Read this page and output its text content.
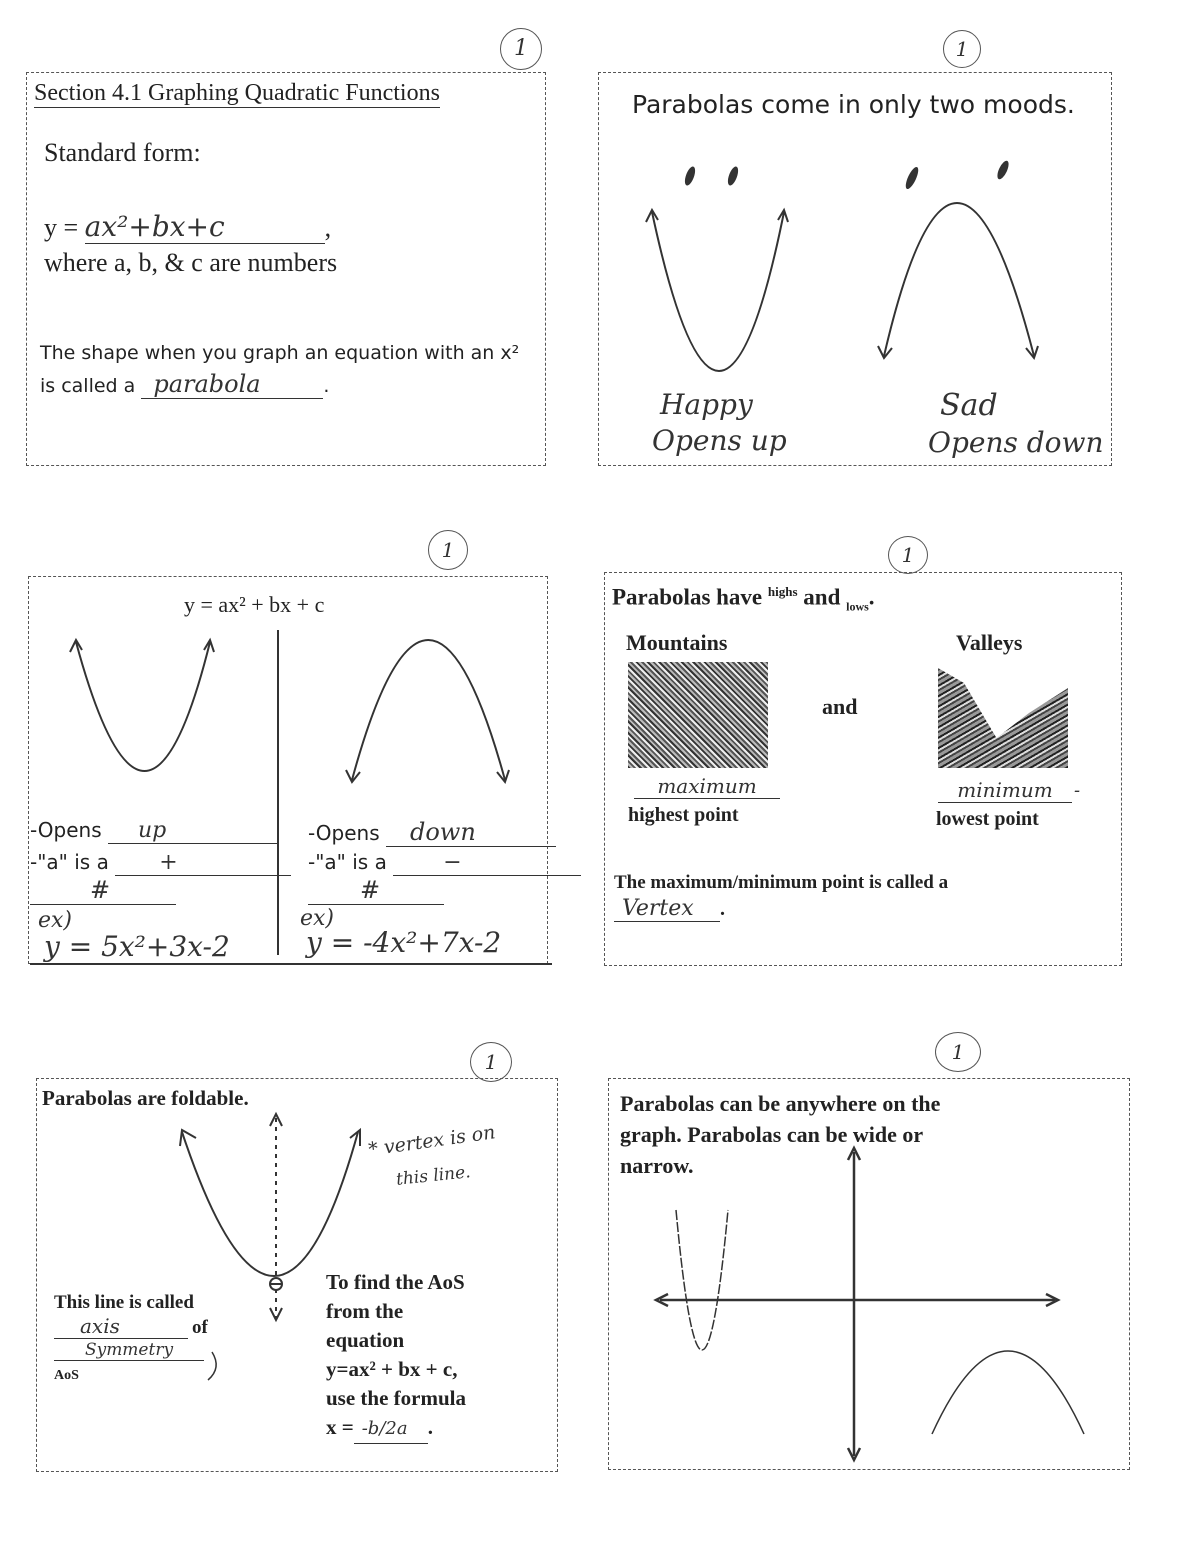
1	1
1	1
1	1
Section 4.1 Graphing Quadratic Functions
Standard form:
y = ax²+bx+c	,
where a, b, & c are numbers
The shape when you graph an equation with an x²
is called a parabola	.
Parabolas come in only two moods.
Happy
Opens up
Sad
Opens down
y = ax² + bx + c
-Opens up
-"a" is a +
#
ex)
y = 5x²+3x-2
-Opens down
-"a" is a	−
#
ex)
y = -4x²+7x-2
Parabolas have $^{highs}$ and $_{lows}$.
Mountains	Valleys
and
maximum
highest point
minimum	-
lowest point
The maximum/minimum point is called a
Vertex .
Parabolas are foldable.
* vertex is on
this line.
This line is called
axis	of
Symmetry
AoS
To find the AoS
from the
equation
y=ax² + bx + c,
use the formula
x = -b/2a .
Parabolas can be anywhere on the
graph. Parabolas can be wide or
narrow.
